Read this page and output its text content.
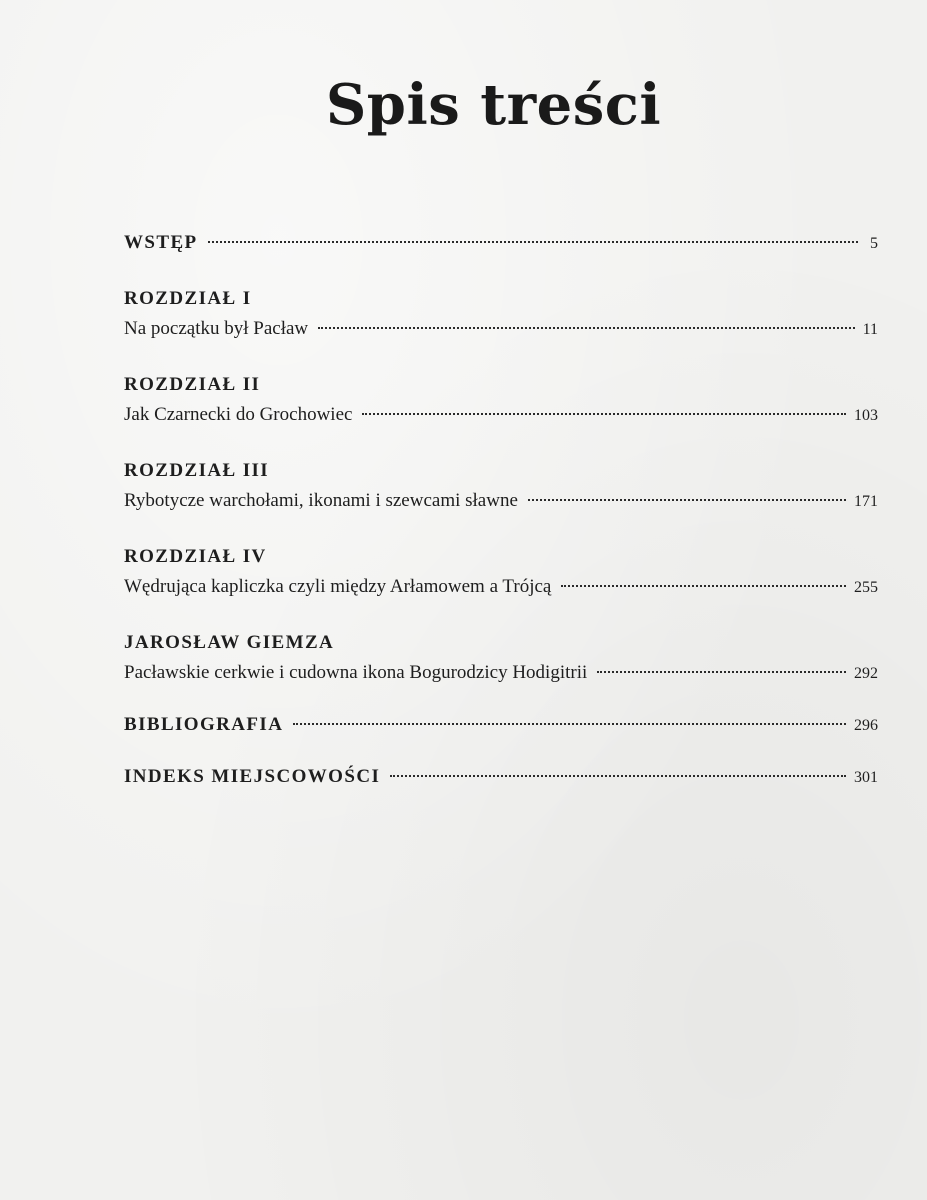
Spis treści
WSTĘP	5
ROZDZIAŁ I
Na początku był Pacław	11
ROZDZIAŁ II
Jak Czarnecki do Grochowiec	103
ROZDZIAŁ III
Rybotycze warchołami, ikonami i szewcami sławne	171
ROZDZIAŁ IV
Wędrująca kapliczka czyli między Arłamowem a Trójcą	255
JAROSŁAW GIEMZA
Pacławskie cerkwie i cudowna ikona Bogurodzicy Hodigitrii	292
BIBLIOGRAFIA	296
INDEKS MIEJSCOWOŚCI	301
